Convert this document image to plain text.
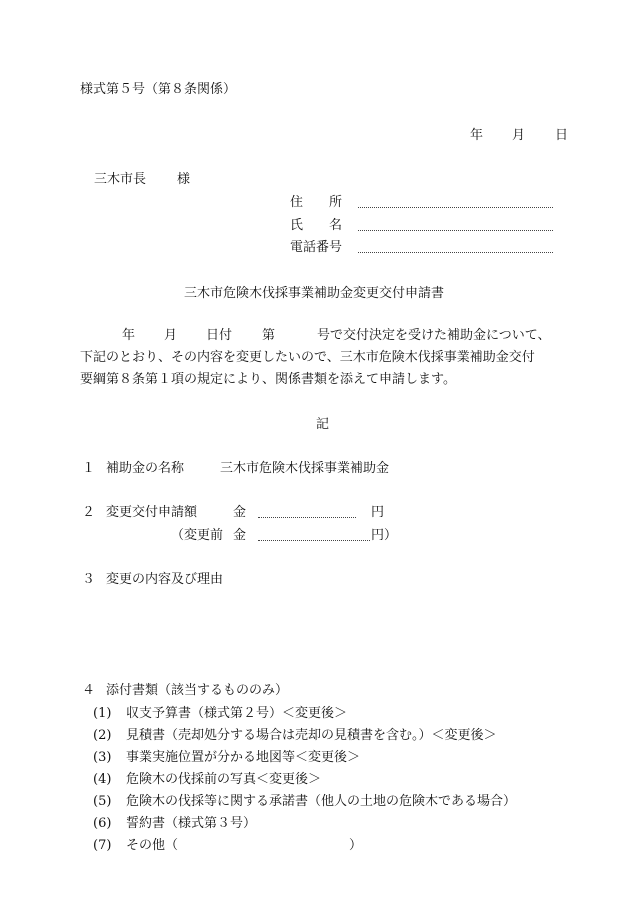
様式第５号（第８条関係）
年 月 日
三木市長 様
住　　所
氏　　名
電話番号
三木市危険木伐採事業補助金変更交付申請書
年 月 日付 第	号で交付決定を受けた補助金について、
下記のとおり、その内容を変更したいので、三木市危険木伐採事業補助金交付
要綱第８条第１項の規定により、関係書類を添えて申請します。
記
１ 補助金の名称	三木市危険木伐採事業補助金
２ 変更交付申請額	金	円
（変更前 金	円）
３ 変更の内容及び理由
４ 添付書類（該当するもののみ）
(1) 収支予算書（様式第２号）＜変更後＞
(2) 見積書（売却処分する場合は売却の見積書を含む。）＜変更後＞
(3) 事業実施位置が分かる地図等＜変更後＞
(4) 危険木の伐採前の写真＜変更後＞
(5) 危険木の伐採等に関する承諾書（他人の土地の危険木である場合）
(6) 誓約書（様式第３号）
(7) その他（	）
